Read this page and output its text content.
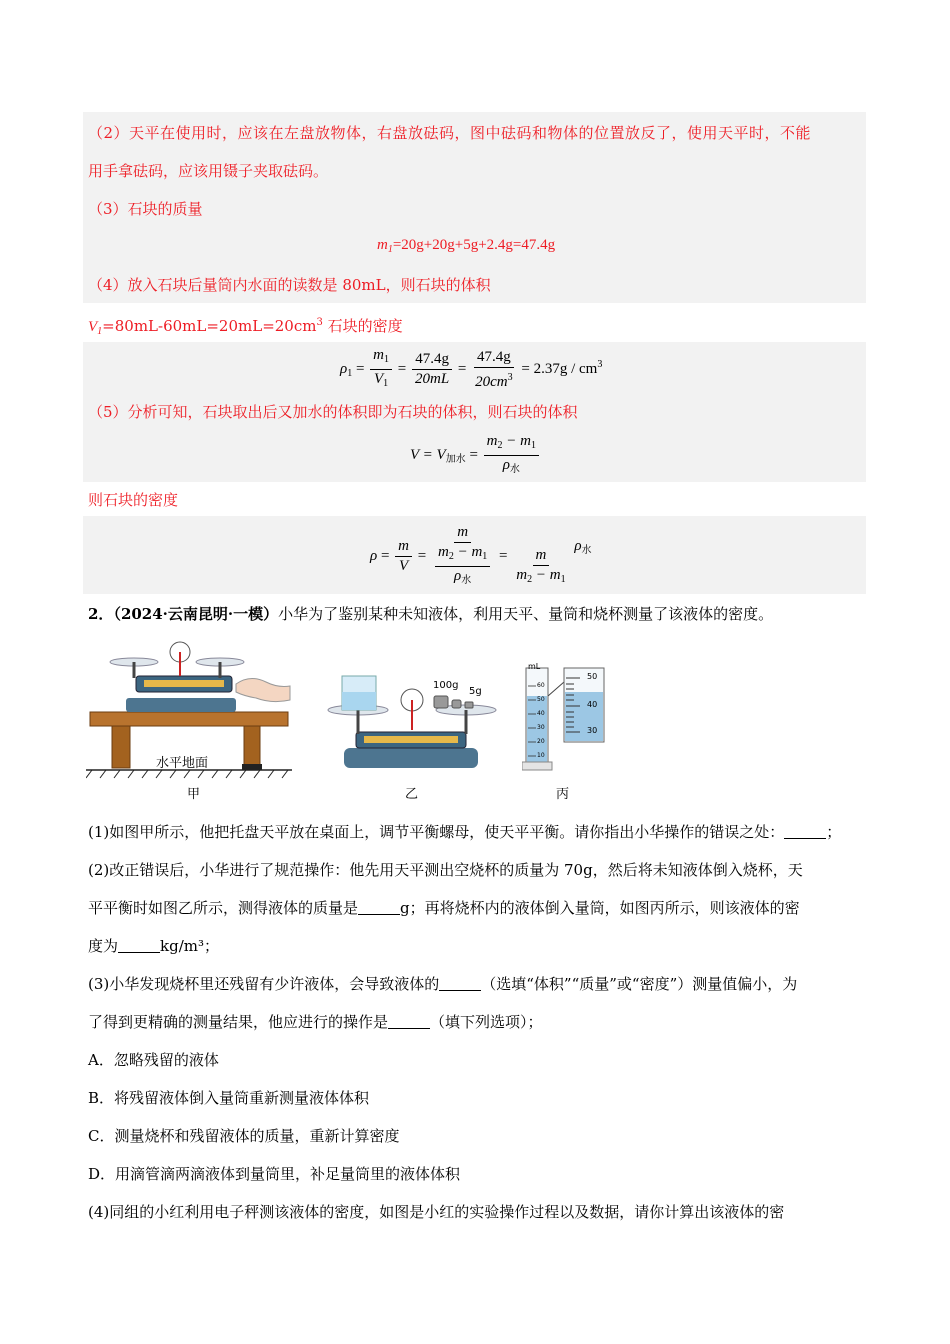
（2）天平在使用时，应该在左盘放物体，右盘放砝码，图中砝码和物体的位置放反了，使用天平时，不能
用手拿砝码，应该用镊子夹取砝码。
（3）石块的质量
$m_1=20g+20g+5g+2.4g=47.4g$
（4）放入石块后量筒内水面的读数是 80mL，则石块的体积
$V_1=80mL-60mL=20mL=20cm^3$ 石块的密度
$\rho_1 = \frac{m_1}{V_1} = \frac{47.4g}{20mL} = \frac{47.4g}{20cm^3} = 2.37g / cm^3$
（5）分析可知，石块取出后又加水的体积即为石块的体积，则石块的体积
$V = V_{加水} = \frac{m_2 - m_1}{\rho_水}$
则石块的密度
$\rho = \frac{m}{V} = m$
$m_2 - m_1$
$\rho_水 = \frac{m}{m_2 - m_1} \rho^水$
2．（2024·云南昆明·一模）小华为了鉴别某种未知液体，利用天平、量筒和烧杯测量了该液体的密度。
水平地面
甲
100g
5g
乙
mL
50
40
30
60
50
40
30
20
10
丙
(1)如图甲所示，他把托盘天平放在桌面上，调节平衡螺母，使天平平衡。请你指出小华操作的错误之处：	；
(2)改正错误后，小华进行了规范操作：他先用天平测出空烧杯的质量为 70g，然后将未知液体倒入烧杯，天
平平衡时如图乙所示，测得液体的质量是	g；再将烧杯内的液体倒入量筒，如图丙所示，则该液体的密
度为	kg/m³；
(3)小华发现烧杯里还残留有少许液体，会导致液体的	（选填“体积”“质量”或“密度”）测量值偏小，为
了得到更精确的测量结果，他应进行的操作是	（填下列选项）；
A．忽略残留的液体
B．将残留液体倒入量筒重新测量液体体积
C．测量烧杯和残留液体的质量，重新计算密度
D．用滴管滴两滴液体到量筒里，补足量筒里的液体体积
(4)同组的小红利用电子秤测该液体的密度，如图是小红的实验操作过程以及数据，请你计算出该液体的密
